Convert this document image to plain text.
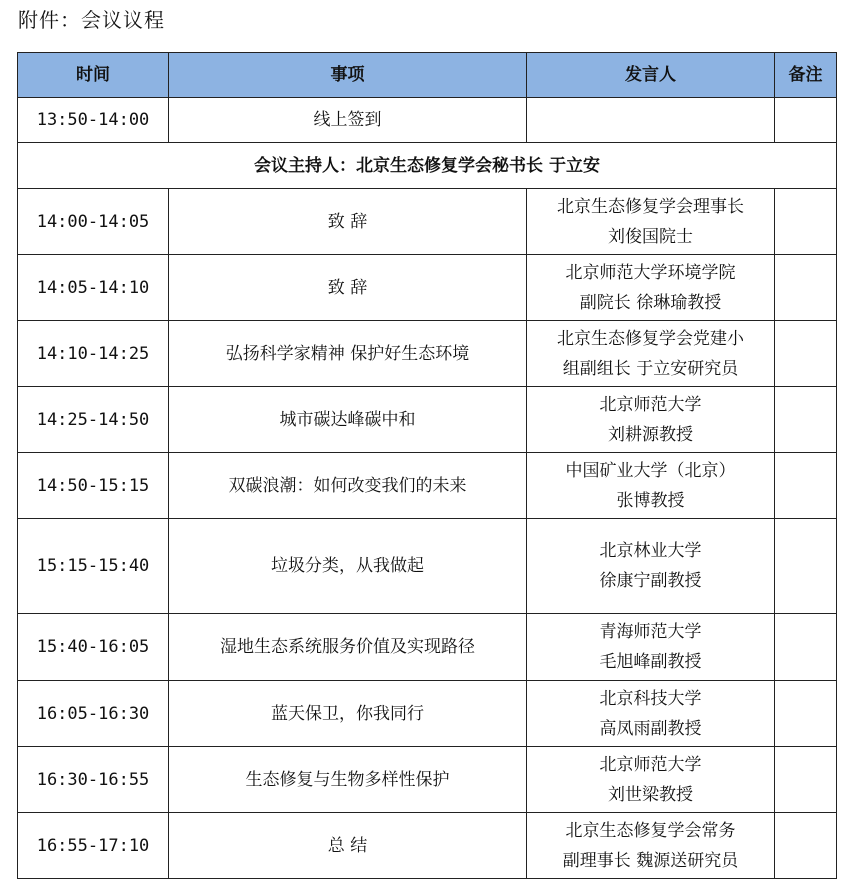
附件：会议议程
时间	事项	发言人	备注
13:50-14:00	线上签到		
会议主持人：北京生态修复学会秘书长 于立安			
14:00-14:05	致 辞	北京生态修复学会理事长
刘俊国院士	

14:05-14:10	致 辞	北京师范大学环境学院
副院长 徐琳瑜教授	

14:10-14:25	弘扬科学家精神 保护好生态环境	北京生态修复学会党建小
组副组长 于立安研究员	

14:25-14:50	城市碳达峰碳中和	北京师范大学
刘耕源教授	

14:50-15:15	双碳浪潮：如何改变我们的未来	中国矿业大学（北京）
张博教授	

15:15-15:40	垃圾分类，从我做起	北京林业大学
徐康宁副教授	

15:40-16:05	湿地生态系统服务价值及实现路径	青海师范大学
毛旭峰副教授	

16:05-16:30	蓝天保卫，你我同行	北京科技大学
高凤雨副教授	

16:30-16:55	生态修复与生物多样性保护	北京师范大学
刘世梁教授	

16:55-17:10	总 结	北京生态修复学会常务
副理事长 魏源送研究员	
